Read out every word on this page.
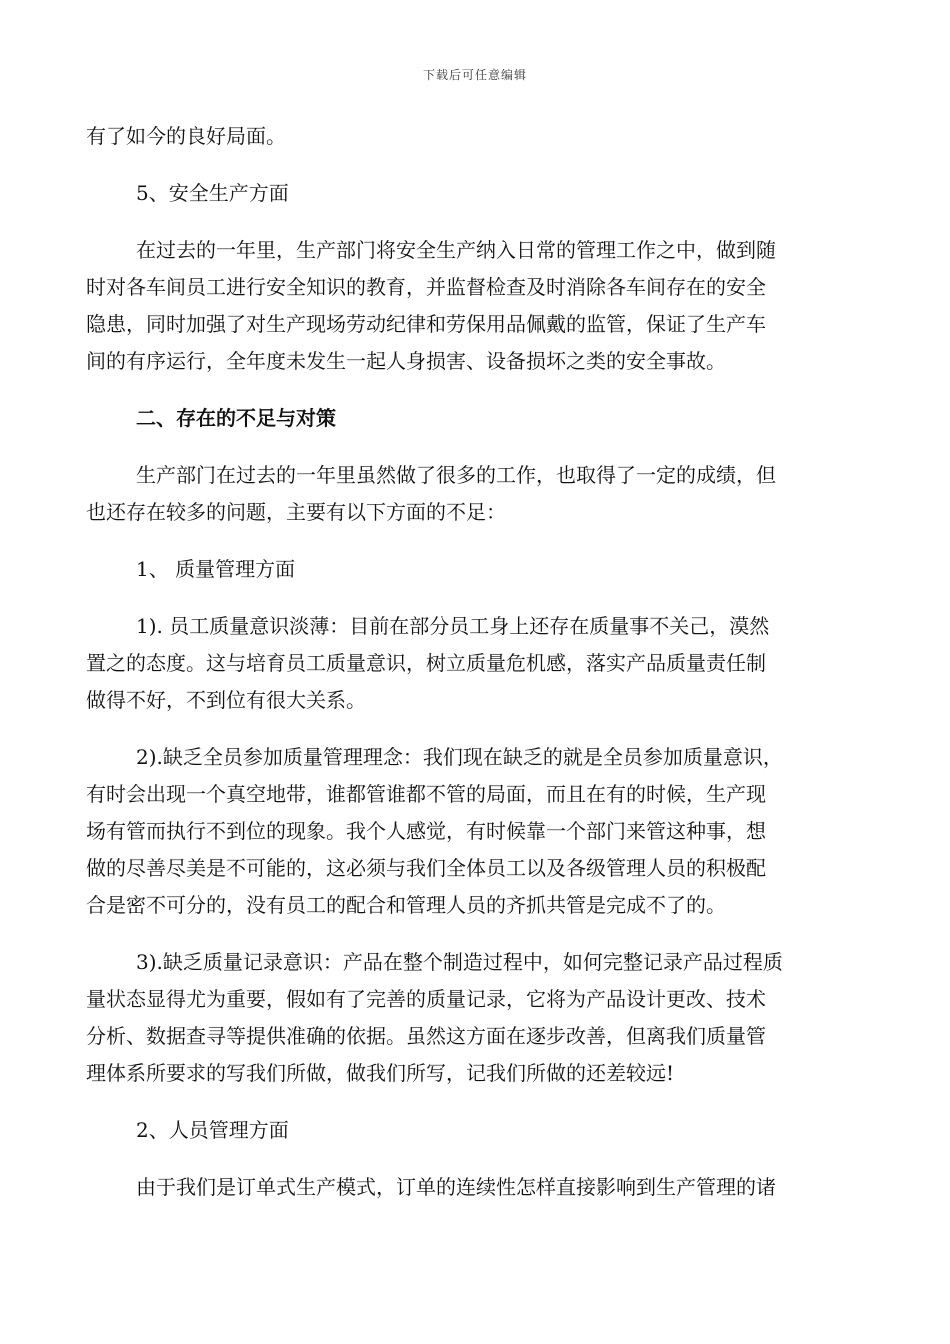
下载后可任意编辑
有了如今的良好局面。
5、安全生产方面
在过去的一年里，生产部门将安全生产纳入日常的管理工作之中，做到随
时对各车间员工进行安全知识的教育，并监督检查及时消除各车间存在的安全
隐患，同时加强了对生产现场劳动纪律和劳保用品佩戴的监管，保证了生产车
间的有序运行，全年度未发生一起人身损害、设备损坏之类的安全事故。
二、存在的不足与对策
生产部门在过去的一年里虽然做了很多的工作，也取得了一定的成绩，但
也还存在较多的问题，主要有以下方面的不足：
1、 质量管理方面
1). 员工质量意识淡薄：目前在部分员工身上还存在质量事不关己，漠然
置之的态度。这与培育员工质量意识，树立质量危机感，落实产品质量责任制
做得不好，不到位有很大关系。
2).缺乏全员参加质量管理理念：我们现在缺乏的就是全员参加质量意识，
有时会出现一个真空地带，谁都管谁都不管的局面，而且在有的时候，生产现
场有管而执行不到位的现象。我个人感觉，有时候靠一个部门来管这种事，想
做的尽善尽美是不可能的，这必须与我们全体员工以及各级管理人员的积极配
合是密不可分的，没有员工的配合和管理人员的齐抓共管是完成不了的。
3).缺乏质量记录意识：产品在整个制造过程中，如何完整记录产品过程质
量状态显得尤为重要，假如有了完善的质量记录，它将为产品设计更改、技术
分析、数据查寻等提供准确的依据。虽然这方面在逐步改善，但离我们质量管
理体系所要求的写我们所做，做我们所写，记我们所做的还差较远!
2、人员管理方面
由于我们是订单式生产模式，订单的连续性怎样直接影响到生产管理的诸
